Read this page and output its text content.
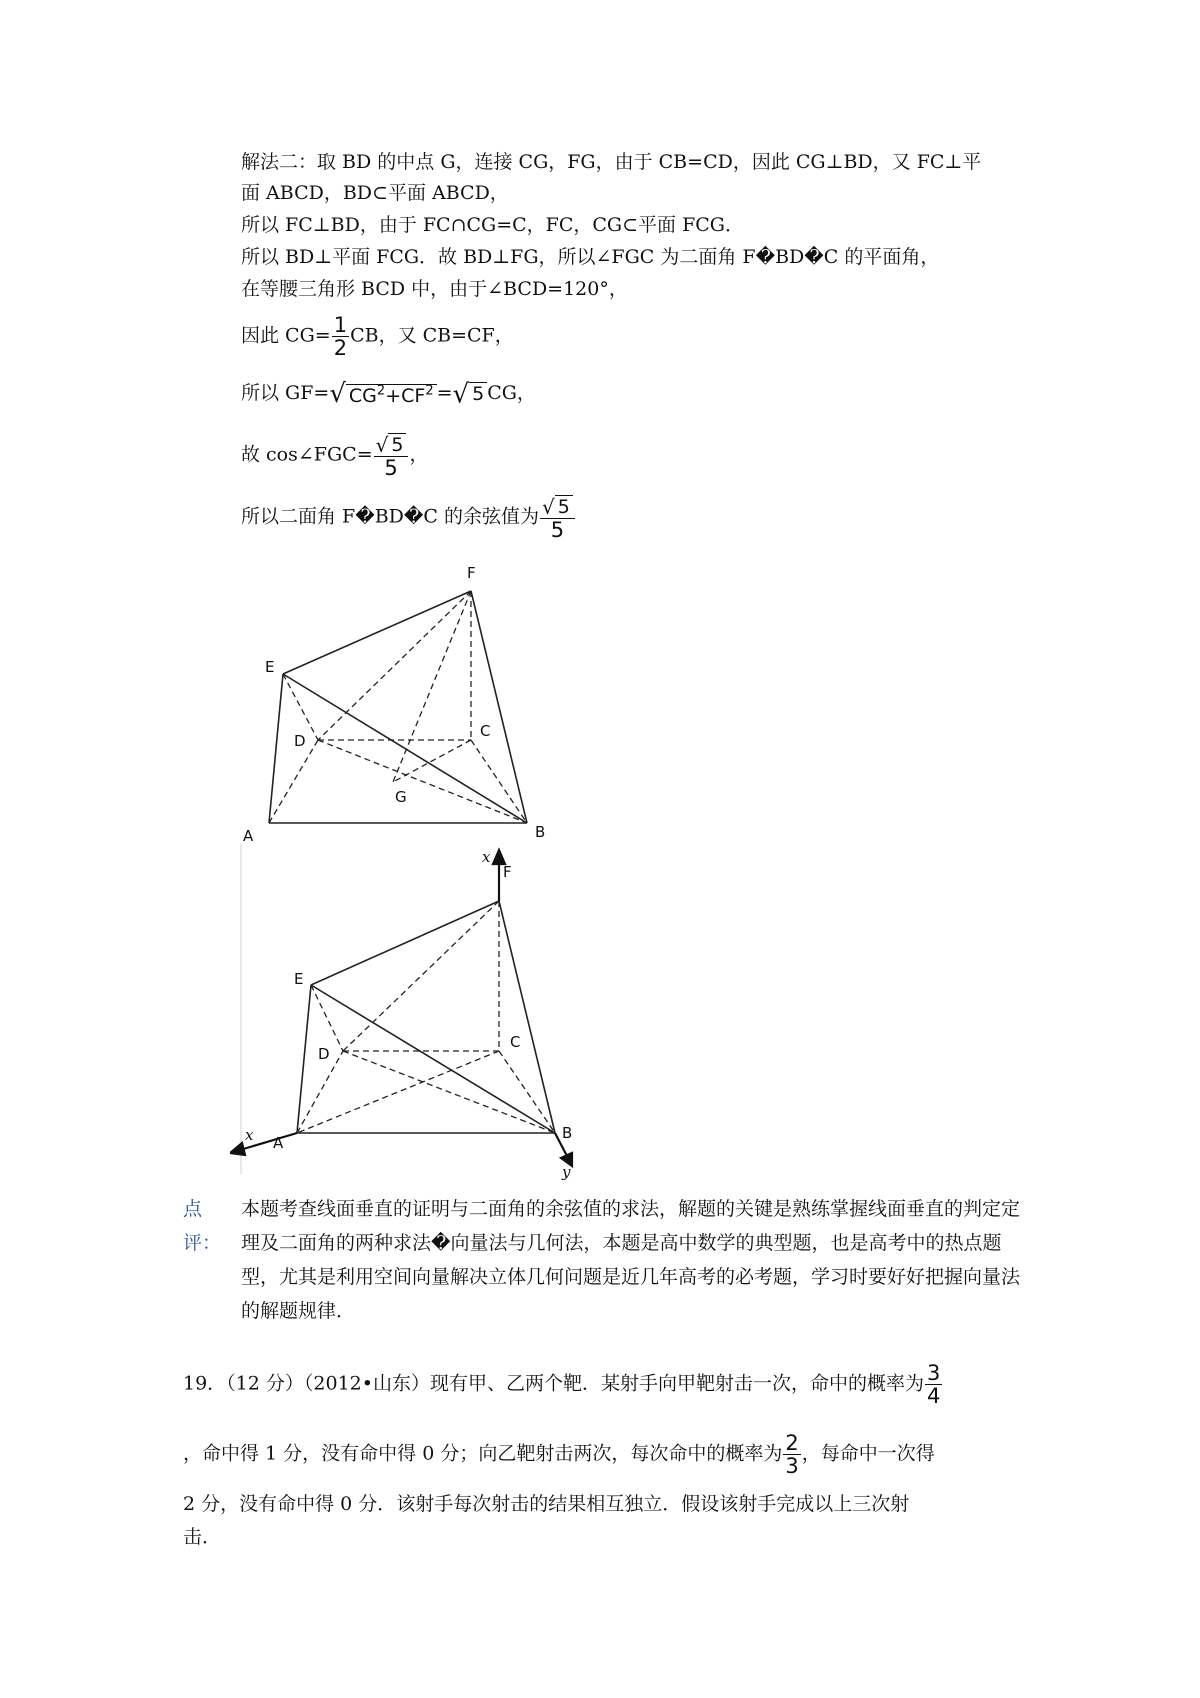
解法二：取 BD 的中点 G，连接 CG，FG，由于 CB=CD，因此 CG⊥BD，又 FC⊥平
面 ABCD，BD⊂平面 ABCD，
所以 FC⊥BD，由于 FC∩CG=C，FC，CG⊂平面 FCG．
所以 BD⊥平面 FCG．故 BD⊥FG，所以∠FGC 为二面角 F�BD�C 的平面角，
在等腰三角形 BCD 中，由于∠BCD=120°，
因此 $CG= \frac{1}{2}$ CB，又 CB=CF，
所以 GF=√ $CG^2+CF^2$ =√ 5 CG，
故 cos∠FGC= $\frac{√ 5}{5}$ ，
所以二面角 F�BD�C 的余弦值为 $\frac{√ 5}{5}$
F
E
D
C
G
A	B
x
F
E
D
C
A
B
x
y
点
评：
本题考查线面垂直的证明与二面角的余弦值的求法，解题的关键是熟练掌握线面垂直的判定定理及二面角的两种求法�向量法与几何法，本题是高中数学的典型题，也是高考中的热点题型，尤其是利用空间向量解决立体几何问题是近几年高考的必考题，学习时要好好把握向量法的解题规律．
19．（12 分）（2012•山东）现有甲、乙两个靶．某射手向甲靶射击一次，命中的概率为 $\frac{3}{4}$
，命中得 1 分，没有命中得 0 分；向乙靶射击两次，每次命中的概率为 $\frac{2}{3}$ ，每命中一次得
2 分，没有命中得 0 分．该射手每次射击的结果相互独立．假设该射手完成以上三次射
击．
